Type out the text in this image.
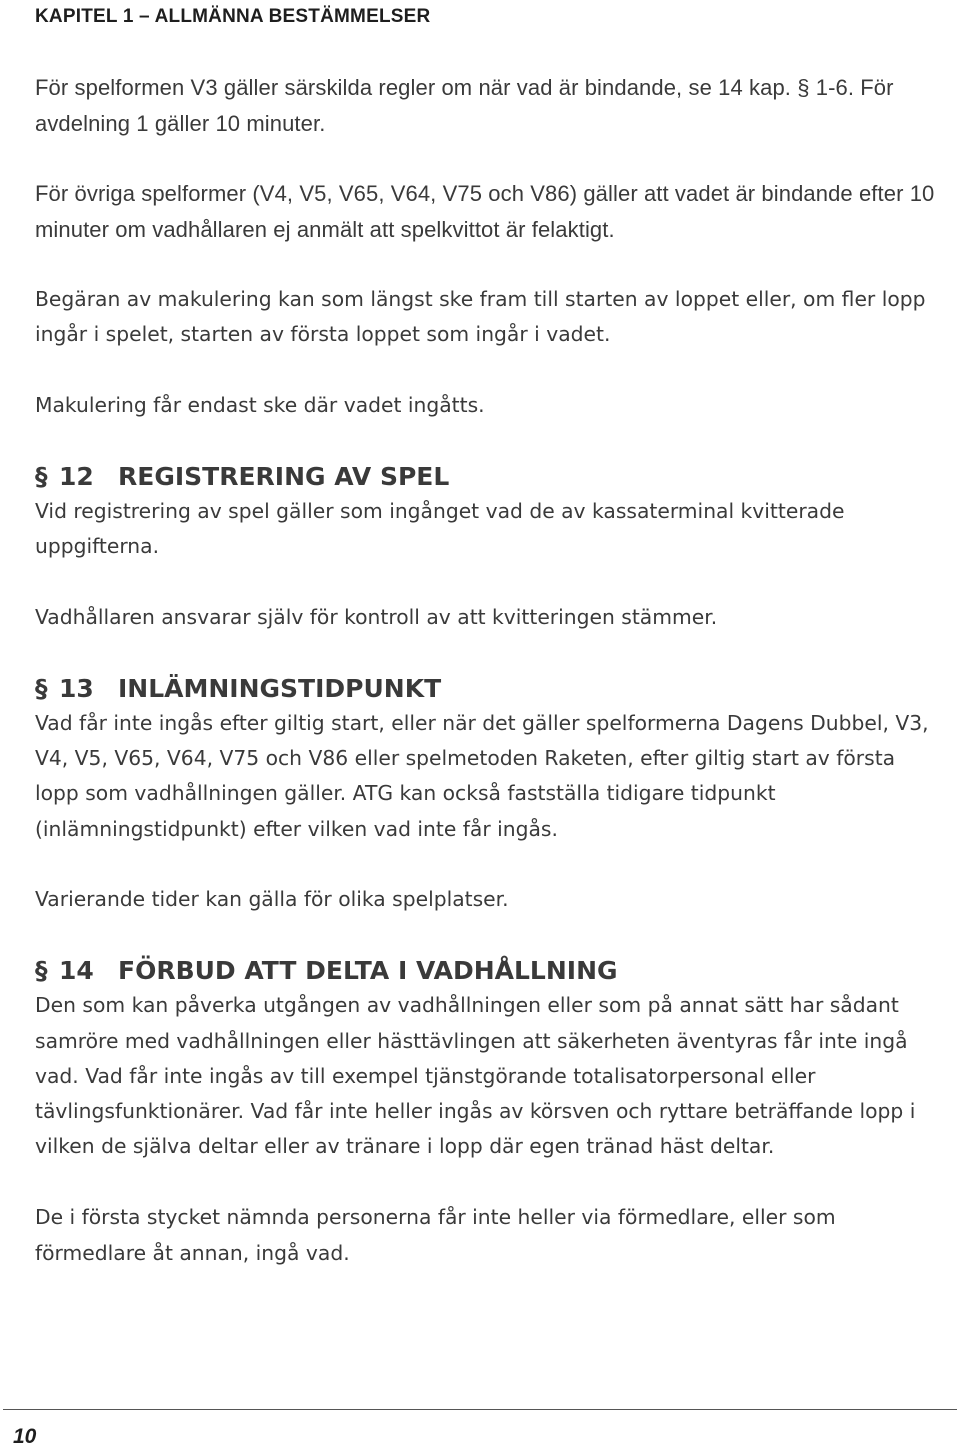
KAPITEL 1 – ALLMÄNNA BESTÄMMELSER

För spelformen V3 gäller särskilda regler om när vad är bindande, se 14 kap. § 1-6. För avdelning 1 gäller 10 minuter.

För övriga spelformer (V4, V5, V65, V64, V75 och V86) gäller att vadet är bindande efter 10 minuter om vadhållaren ej anmält att spelkvittot är felaktigt.

Begäran av makulering kan som längst ske fram till starten av loppet eller, om fler lopp ingår i spelet, starten av första loppet som ingår i vadet.

Makulering får endast ske där vadet ingåtts.

§ 12 REGISTRERING AV SPEL

Vid registrering av spel gäller som ingånget vad de av kassaterminal kvitterade uppgifterna.

Vadhållaren ansvarar själv för kontroll av att kvitteringen stämmer.

§ 13 INLÄMNINGSTIDPUNKT

Vad får inte ingås efter giltig start, eller när det gäller spelformerna Dagens Dubbel, V3, V4, V5, V65, V64, V75 och V86 eller spelmetoden Raketen, efter giltig start av första lopp som vadhållningen gäller. ATG kan också fastställa tidigare tidpunkt (inlämningstidpunkt) efter vilken vad inte får ingås.

Varierande tider kan gälla för olika spelplatser.

§ 14 FÖRBUD ATT DELTA I VADHÅLLNING

Den som kan påverka utgången av vadhållningen eller som på annat sätt har sådant samröre med vadhållningen eller hästtävlingen att säkerheten äventyras får inte ingå vad. Vad får inte ingås av till exempel tjänstgörande totalisatorpersonal eller tävlingsfunktionärer. Vad får inte heller ingås av körsven och ryttare beträffande lopp i vilken de själva deltar eller av tränare i lopp där egen tränad häst deltar.

De i första stycket nämnda personerna får inte heller via förmedlare, eller som förmedlare åt annan, ingå vad.

10
